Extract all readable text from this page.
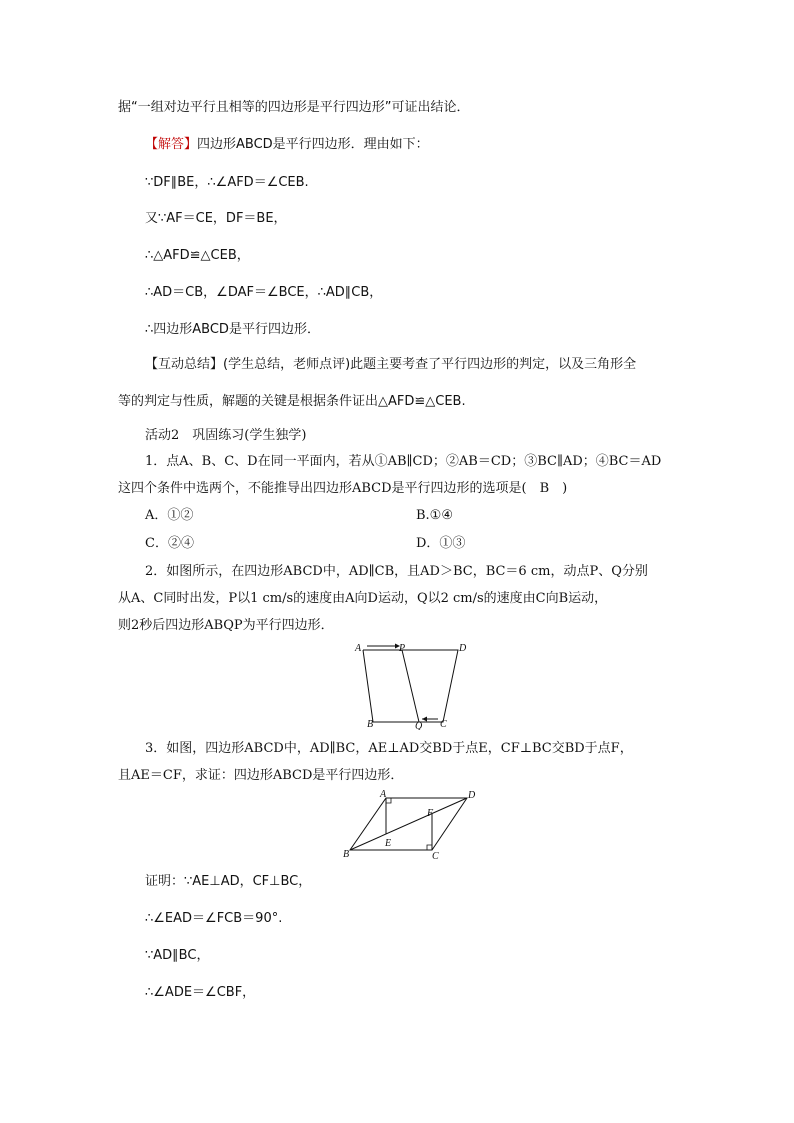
据“一组对边平行且相等的四边形是平行四边形”可证出结论．
【解答】四边形ABCD是平行四边形．理由如下：
∵DF∥BE，∴∠AFD＝∠CEB.
又∵AF＝CE，DF＝BE，
∴△AFD≌△CEB，
∴AD＝CB，∠DAF＝∠BCE，∴AD∥CB，
∴四边形ABCD是平行四边形．
【互动总结】(学生总结，老师点评)此题主要考查了平行四边形的判定，以及三角形全
等的判定与性质，解题的关键是根据条件证出△AFD≌△CEB.
活动2　巩固练习(学生独学)
1．点A、B、C、D在同一平面内，若从①AB∥CD；②AB＝CD；③BC∥AD；④BC＝AD
这四个条件中选两个，不能推导出四边形ABCD是平行四边形的选项是(　B　)
A．①②	B.①④
C．②④	D．①③
2．如图所示，在四边形ABCD中，AD∥CB，且AD＞BC，BC＝6 cm，动点P、Q分别
从A、C同时出发，P以1 cm/s的速度由A向D运动，Q以2 cm/s的速度由C向B运动，
则2秒后四边形ABQP为平行四边形．
A	P	D
B	Q C
3．如图，四边形ABCD中，AD∥BC，AE⊥AD交BD于点E，CF⊥BC交BD于点F，
且AE＝CF，求证：四边形ABCD是平行四边形．
A	D
F
E
B	C
证明：∵AE⊥AD，CF⊥BC，
∴∠EAD＝∠FCB＝90°.
∵AD∥BC，
∴∠ADE＝∠CBF，
